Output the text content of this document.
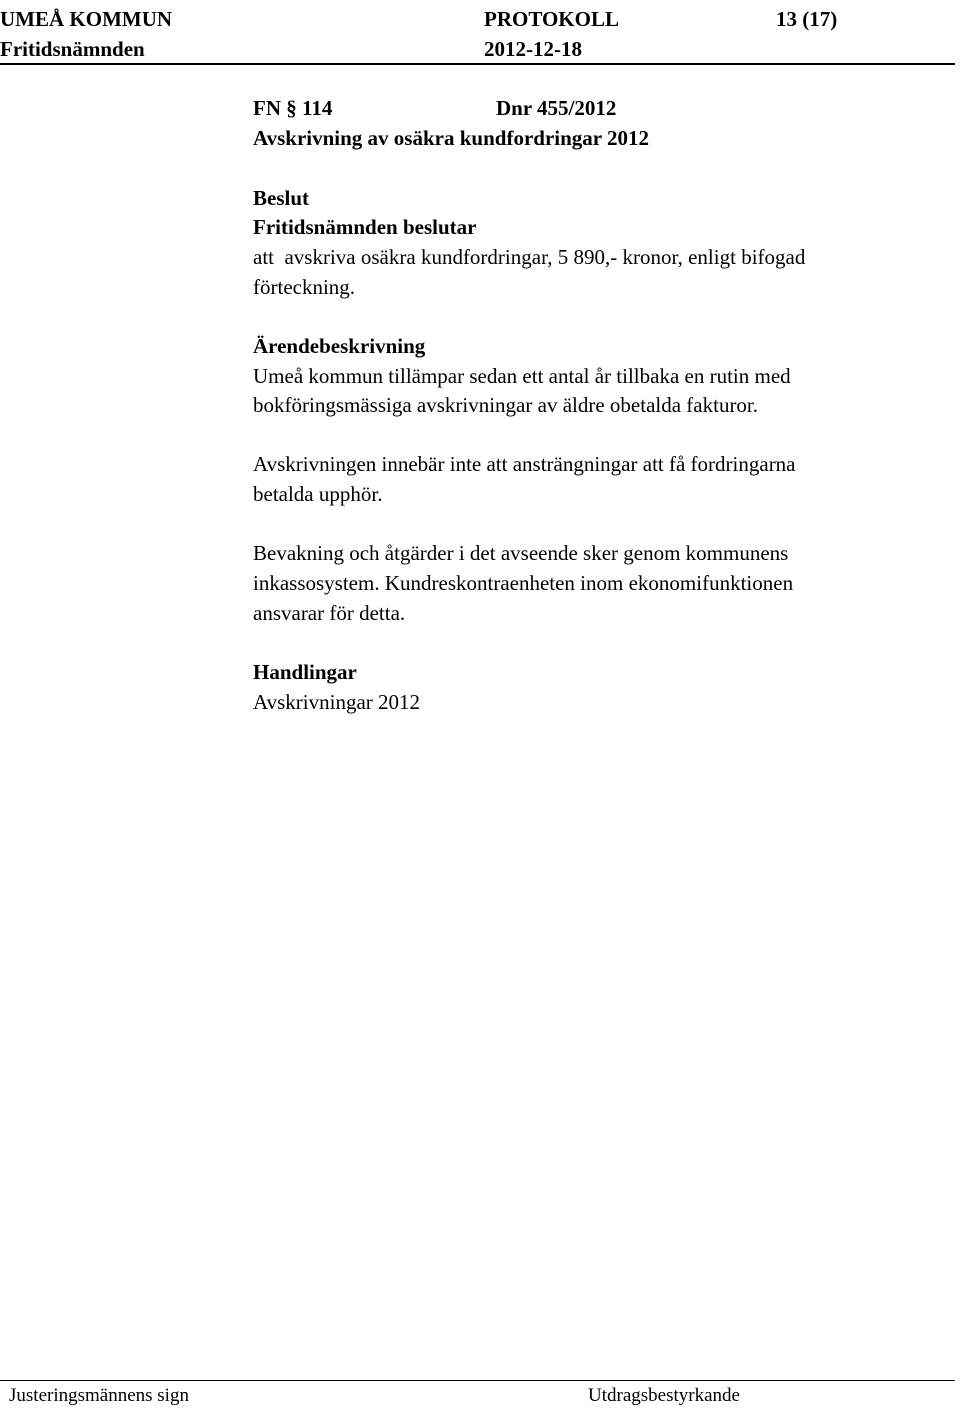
UMEÅ KOMMUN	PROTOKOLL	13 (17)
Fritidsnämnden	2012-12-18
FN § 114	Dnr 455/2012
Avskrivning av osäkra kundfordringar 2012
Beslut
Fritidsnämnden beslutar
att  avskriva osäkra kundfordringar, 5 890,- kronor, enligt bifogad
förteckning.
Ärendebeskrivning
Umeå kommun tillämpar sedan ett antal år tillbaka en rutin med
bokföringsmässiga avskrivningar av äldre obetalda fakturor.
Avskrivningen innebär inte att ansträngningar att få fordringarna
betalda upphör.
Bevakning och åtgärder i det avseende sker genom kommunens
inkassosystem. Kundreskontraenheten inom ekonomifunktionen
ansvarar för detta.
Handlingar
Avskrivningar 2012
Justeringsmännens sign	Utdragsbestyrkande
